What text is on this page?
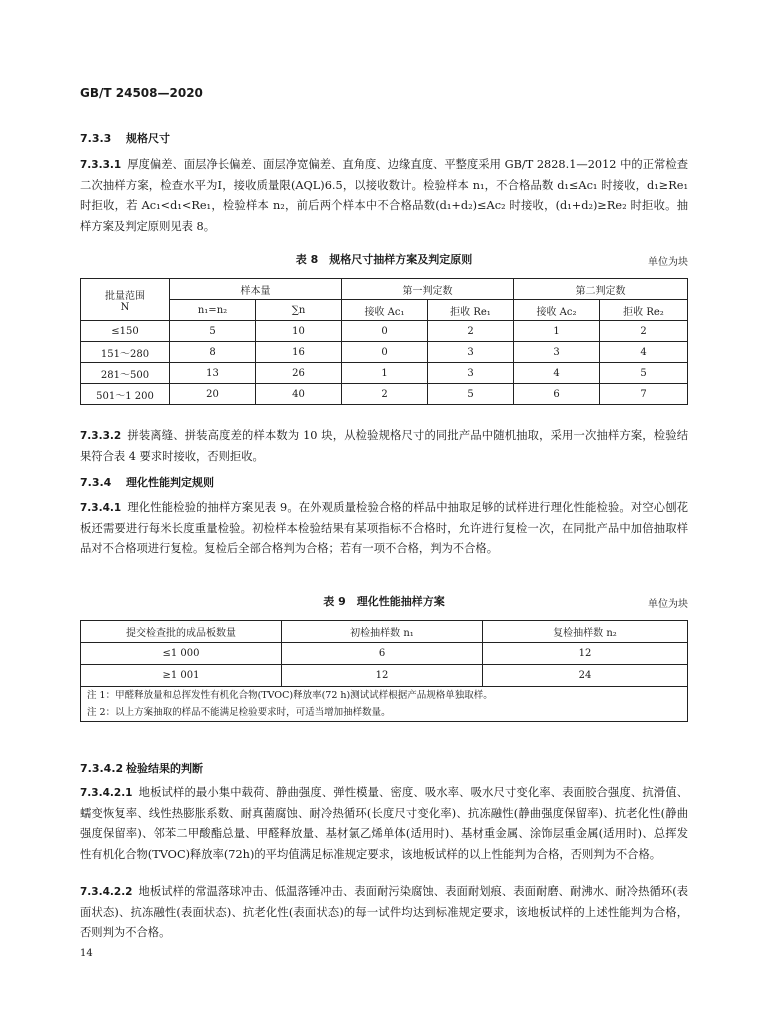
GB/T 24508—2020
7.3.3 规格尺寸
7.3.3.1 厚度偏差、面层净长偏差、面层净宽偏差、直角度、边缘直度、平整度采用 GB/T 2828.1—2012 中的正常检查二次抽样方案，检查水平为Ⅰ，接收质量限(AQL)6.5，以接收数计。检验样本 n₁，不合格品数 d₁≤Ac₁ 时接收，d₁≥Re₁ 时拒收，若 Ac₁<d₁<Re₁，检验样本 n₂，前后两个样本中不合格品数(d₁+d₂)≤Ac₂ 时接收，(d₁+d₂)≥Re₂ 时拒收。抽样方案及判定原则见表 8。
表 8　规格尺寸抽样方案及判定原则	单位为块
批量范围
N	样本量		第一判定数		第二判定数	
	n₁=n₂	∑n	接收 Ac₁	拒收 Re₁	接收 Ac₂	拒收 Re₂
≤150	5	10	0	2	1	2
151～280	8	16	0	3	3	4
281～500	13	26	1	3	4	5
501～1 200	20	40	2	5	6	7
7.3.3.2 拼装离缝、拼装高度差的样本数为 10 块，从检验规格尺寸的同批产品中随机抽取，采用一次抽样方案，检验结果符合表 4 要求时接收，否则拒收。
7.3.4 理化性能判定规则
7.3.4.1 理化性能检验的抽样方案见表 9。在外观质量检验合格的样品中抽取足够的试样进行理化性能检验。对空心刨花板还需要进行每米长度重量检验。初检样本检验结果有某项指标不合格时，允许进行复检一次，在同批产品中加倍抽取样品对不合格项进行复检。复检后全部合格判为合格；若有一项不合格，判为不合格。
表 9　理化性能抽样方案	单位为块
提交检查批的成品板数量	初检抽样数 n₁	复检抽样数 n₂
≤1 000	6	12
≥1 001	12	24

注 1：甲醛释放量和总挥发性有机化合物(TVOC)释放率(72 h)测试试样根据产品规格单独取样。
注 2：以上方案抽取的样品不能满足检验要求时，可适当增加抽样数量。		
7.3.4.2 检验结果的判断
7.3.4.2.1 地板试样的最小集中载荷、静曲强度、弹性模量、密度、吸水率、吸水尺寸变化率、表面胶合强度、抗滑值、蠕变恢复率、线性热膨胀系数、耐真菌腐蚀、耐冷热循环(长度尺寸变化率)、抗冻融性(静曲强度保留率)、抗老化性(静曲强度保留率)、邻苯二甲酸酯总量、甲醛释放量、基材氯乙烯单体(适用时)、基材重金属、涂饰层重金属(适用时)、总挥发性有机化合物(TVOC)释放率(72h)的平均值满足标准规定要求，该地板试样的以上性能判为合格，否则判为不合格。
7.3.4.2.2 地板试样的常温落球冲击、低温落锤冲击、表面耐污染腐蚀、表面耐划痕、表面耐磨、耐沸水、耐冷热循环(表面状态)、抗冻融性(表面状态)、抗老化性(表面状态)的每一试件均达到标准规定要求，该地板试样的上述性能判为合格，否则判为不合格。
14
